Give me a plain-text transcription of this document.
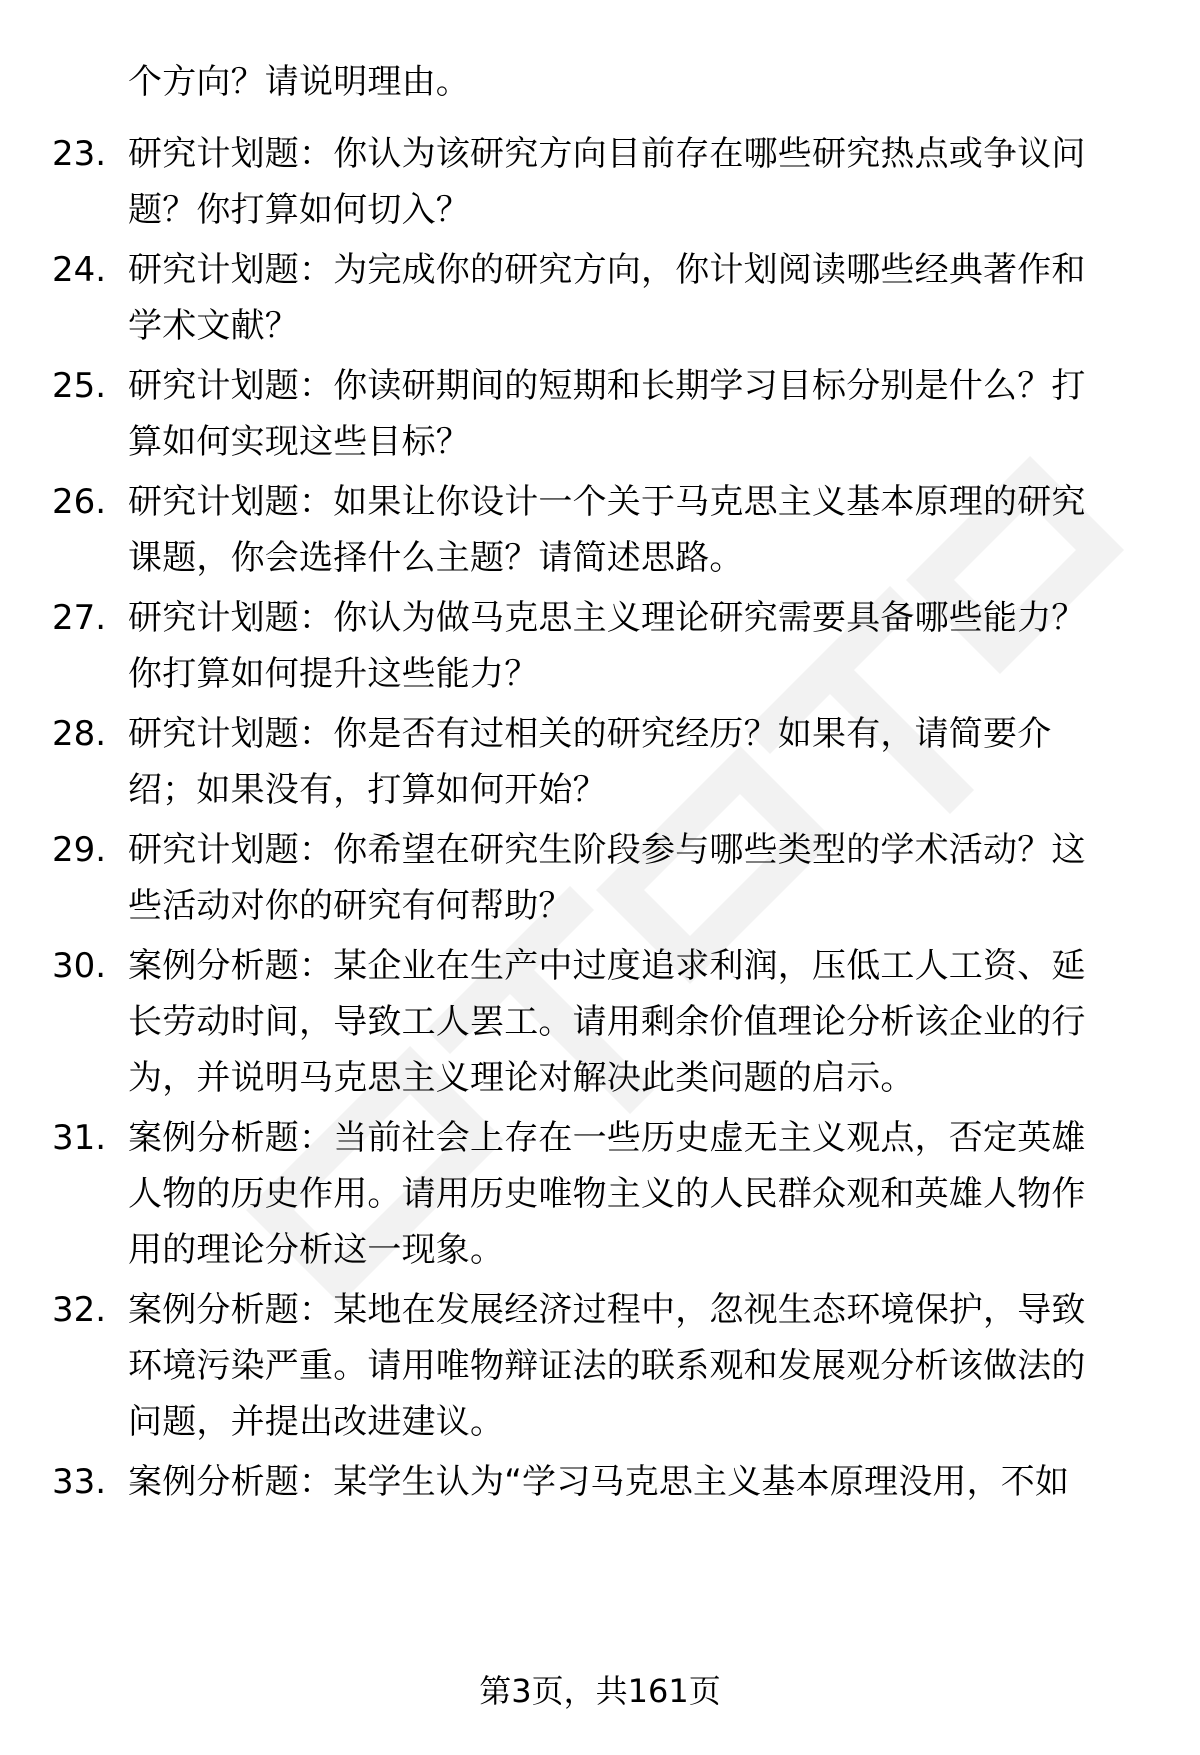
个方向？请说明理由。
23. 研究计划题：你认为该研究方向目前存在哪些研究热点或争议问
题？你打算如何切入？
24. 研究计划题：为完成你的研究方向，你计划阅读哪些经典著作和
学术文献？
25. 研究计划题：你读研期间的短期和长期学习目标分别是什么？打
算如何实现这些目标？
26. 研究计划题：如果让你设计一个关于马克思主义基本原理的研究
课题，你会选择什么主题？请简述思路。
27. 研究计划题：你认为做马克思主义理论研究需要具备哪些能力？
你打算如何提升这些能力？
28. 研究计划题：你是否有过相关的研究经历？如果有，请简要介
绍；如果没有，打算如何开始？
29. 研究计划题：你希望在研究生阶段参与哪些类型的学术活动？这
些活动对你的研究有何帮助？
30. 案例分析题：某企业在生产中过度追求利润，压低工人工资、延
长劳动时间，导致工人罢工。请用剩余价值理论分析该企业的行
为，并说明马克思主义理论对解决此类问题的启示。
31. 案例分析题：当前社会上存在一些历史虚无主义观点，否定英雄
人物的历史作用。请用历史唯物主义的人民群众观和英雄人物作
用的理论分析这一现象。
32. 案例分析题：某地在发展经济过程中，忽视生态环境保护，导致
环境污染严重。请用唯物辩证法的联系观和发展观分析该做法的
问题，并提出改进建议。
33. 案例分析题：某学生认为“学习马克思主义基本原理没用，不如
第3页，共161页
